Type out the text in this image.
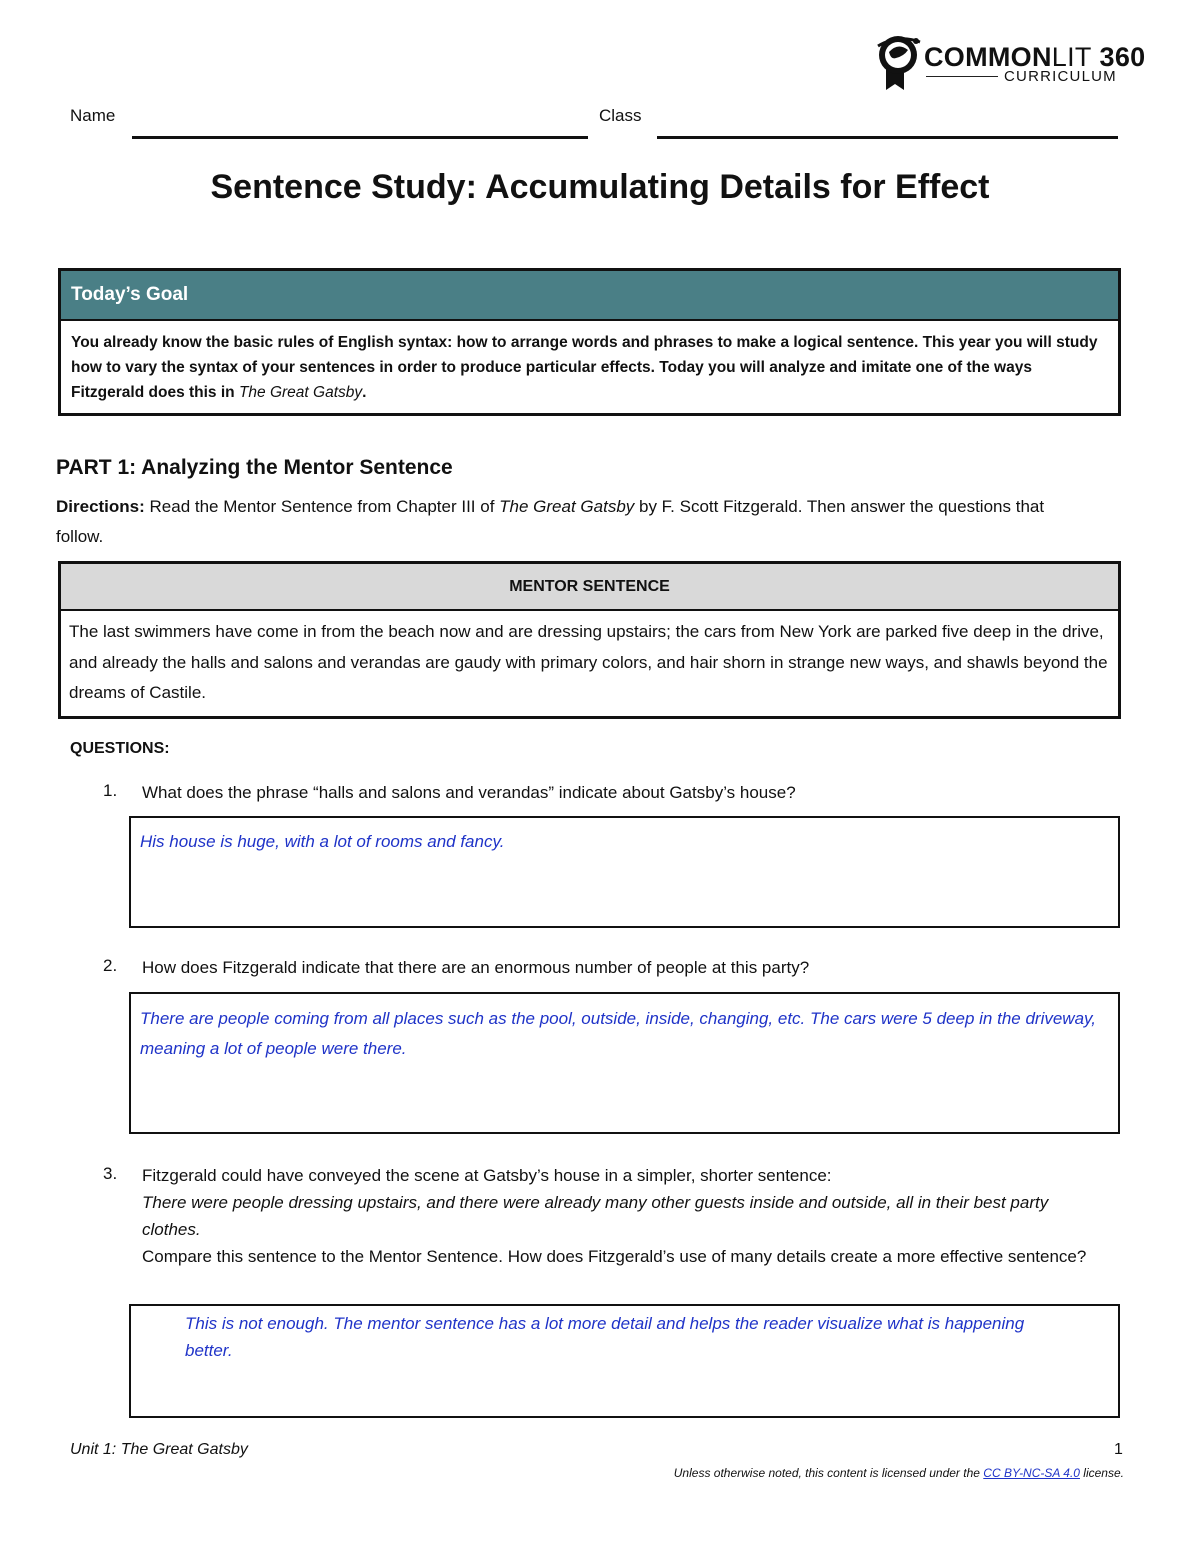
COMMONLIT 360
CURRICULUM
Name	Class
Sentence Study: Accumulating Details for Effect
Today’s Goal
You already know the basic rules of English syntax: how to arrange words and phrases to make a logical sentence. This year you will study how to vary the syntax of your sentences in order to produce particular effects. Today you will analyze and imitate one of the ways Fitzgerald does this in The Great Gatsby.
PART 1: Analyzing the Mentor Sentence
Directions: Read the Mentor Sentence from Chapter III of The Great Gatsby by F. Scott Fitzgerald. Then answer the questions that follow.
MENTOR SENTENCE
The last swimmers have come in from the beach now and are dressing upstairs; the cars from New York are parked five deep in the drive, and already the halls and salons and verandas are gaudy with primary colors, and hair shorn in strange new ways, and shawls beyond the dreams of Castile.
QUESTIONS:
1. What does the phrase “halls and salons and verandas” indicate about Gatsby’s house?
His house is huge, with a lot of rooms and fancy.
2. How does Fitzgerald indicate that there are an enormous number of people at this party?
There are people coming from all places such as the pool, outside, inside, changing, etc. The cars were 5 deep in the driveway, meaning a lot of people were there.
3. Fitzgerald could have conveyed the scene at Gatsby’s house in a simpler, shorter sentence:
There were people dressing upstairs, and there were already many other guests inside and outside, all in their best party clothes.
Compare this sentence to the Mentor Sentence. How does Fitzgerald’s use of many details create a more effective sentence?
This is not enough. The mentor sentence has a lot more detail and helps the reader visualize what is happening better.
Unit 1: The Great Gatsby	1
Unless otherwise noted, this content is licensed under the CC BY-NC-SA 4.0 license.
